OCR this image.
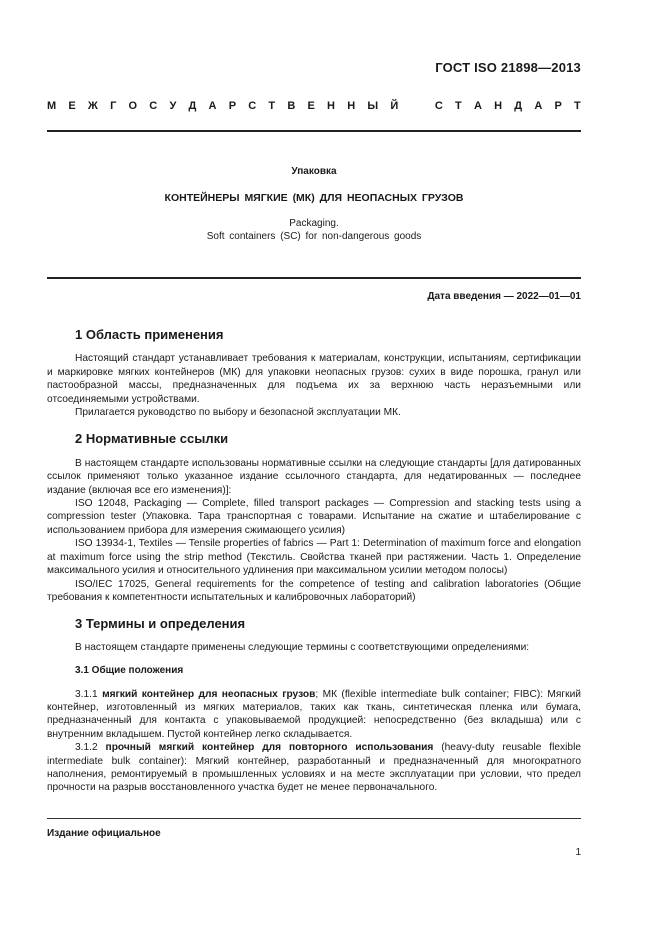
ГОСТ ISO 21898—2013
М Е Ж Г О С У Д А Р С Т В Е Н Н Ы Й	С Т А Н Д А Р Т
Упаковка
КОНТЕЙНЕРЫ МЯГКИЕ (МК) ДЛЯ НЕОПАСНЫХ ГРУЗОВ
Packaging.
Soft containers (SC) for non-dangerous goods
Дата введения — 2022—01—01
1 Область применения

Настоящий стандарт устанавливает требования к материалам, конструкции, испытаниям, сертификации и маркировке мягких контейнеров (МК) для упаковки неопасных грузов: сухих в виде порошка, гранул или пастообразной массы, предназначенных для подъема их за верхнюю часть неразъемными или отсоединяемыми устройствами.

Прилагается руководство по выбору и безопасной эксплуатации МК.

2 Нормативные ссылки

В настоящем стандарте использованы нормативные ссылки на следующие стандарты [для датированных ссылок применяют только указанное издание ссылочного стандарта, для недатированных — последнее издание (включая все его изменения)]:

ISO 12048, Packaging — Complete, filled transport packages — Compression and stacking tests using a compression tester (Упаковка. Тара транспортная с товарами. Испытание на сжатие и штабелирование с использованием прибора для измерения сжимающего усилия)

ISO 13934-1, Textiles — Tensile properties of fabrics — Part 1: Determination of maximum force and elongation at maximum force using the strip method (Текстиль. Свойства тканей при растяжении. Часть 1. Определение максимального усилия и относительного удлинения при максимальном усилии методом полосы)

ISO/IEC 17025, General requirements for the competence of testing and calibration laboratories (Общие требования к компетентности испытательных и калибровочных лабораторий)

3 Термины и определения

В настоящем стандарте применены следующие термины с соответствующими определениями:

3.1 Общие положения

3.1.1 мягкий контейнер для неопасных грузов; МК (flexible intermediate bulk container; FIBC): Мягкий контейнер, изготовленный из мягких материалов, таких как ткань, синтетическая пленка или бумага, предназначенный для контакта с упаковываемой продукцией: непосредственно (без вкладыша) или с внутренним вкладышем. Пустой контейнер легко складывается.

3.1.2 прочный мягкий контейнер для повторного использования (heavy-duty reusable flexible intermediate bulk container): Мягкий контейнер, разработанный и предназначенный для многократного наполнения, ремонтируемый в промышленных условиях и на месте эксплуатации при условии, что предел прочности на разрыв восстановленного участка будет не менее первоначального.

Издание официальное
1
